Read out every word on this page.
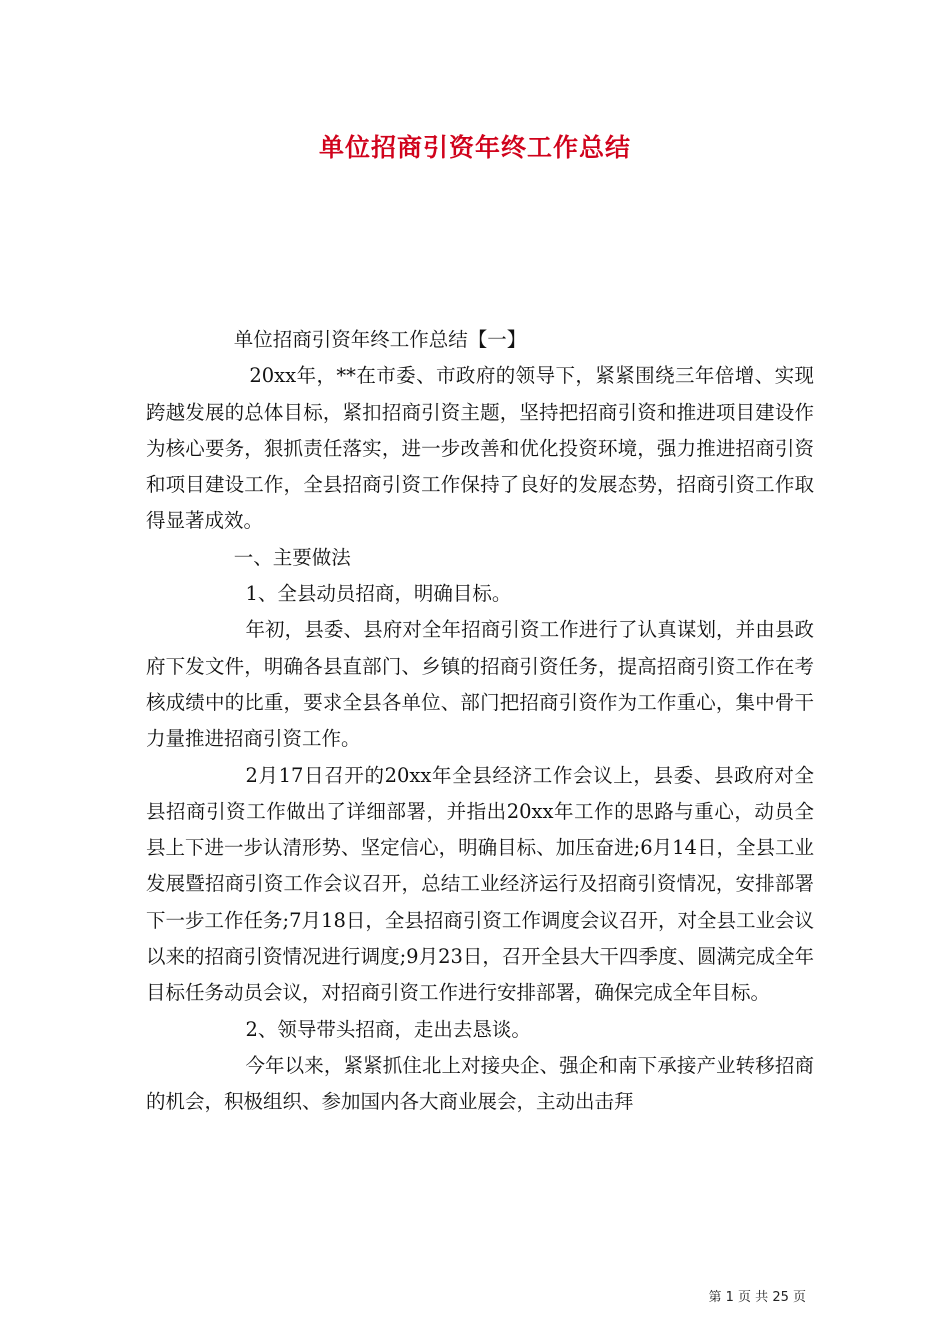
单位招商引资年终工作总结

单位招商引资年终工作总结【一】

20xx年，**在市委、市政府的领导下，紧紧围绕三年倍增、实现跨越发展的总体目标，紧扣招商引资主题，坚持把招商引资和推进项目建设作为核心要务，狠抓责任落实，进一步改善和优化投资环境，强力推进招商引资和项目建设工作，全县招商引资工作保持了良好的发展态势，招商引资工作取得显著成效。

一、主要做法

1、全县动员招商，明确目标。

年初，县委、县府对全年招商引资工作进行了认真谋划，并由县政府下发文件，明确各县直部门、乡镇的招商引资任务，提高招商引资工作在考核成绩中的比重，要求全县各单位、部门把招商引资作为工作重心，集中骨干力量推进招商引资工作。

2月17日召开的20xx年全县经济工作会议上，县委、县政府对全县招商引资工作做出了详细部署，并指出20xx年工作的思路与重心，动员全县上下进一步认清形势、坚定信心，明确目标、加压奋进;6月14日，全县工业发展暨招商引资工作会议召开，总结工业经济运行及招商引资情况，安排部署下一步工作任务;7月18日，全县招商引资工作调度会议召开，对全县工业会议以来的招商引资情况进行调度;9月23日，召开全县大干四季度、圆满完成全年目标任务动员会议，对招商引资工作进行安排部署，确保完成全年目标。

2、领导带头招商，走出去恳谈。

今年以来，紧紧抓住北上对接央企、强企和南下承接产业转移招商的机会，积极组织、参加国内各大商业展会，主动出击拜

第 1 页 共 25 页
